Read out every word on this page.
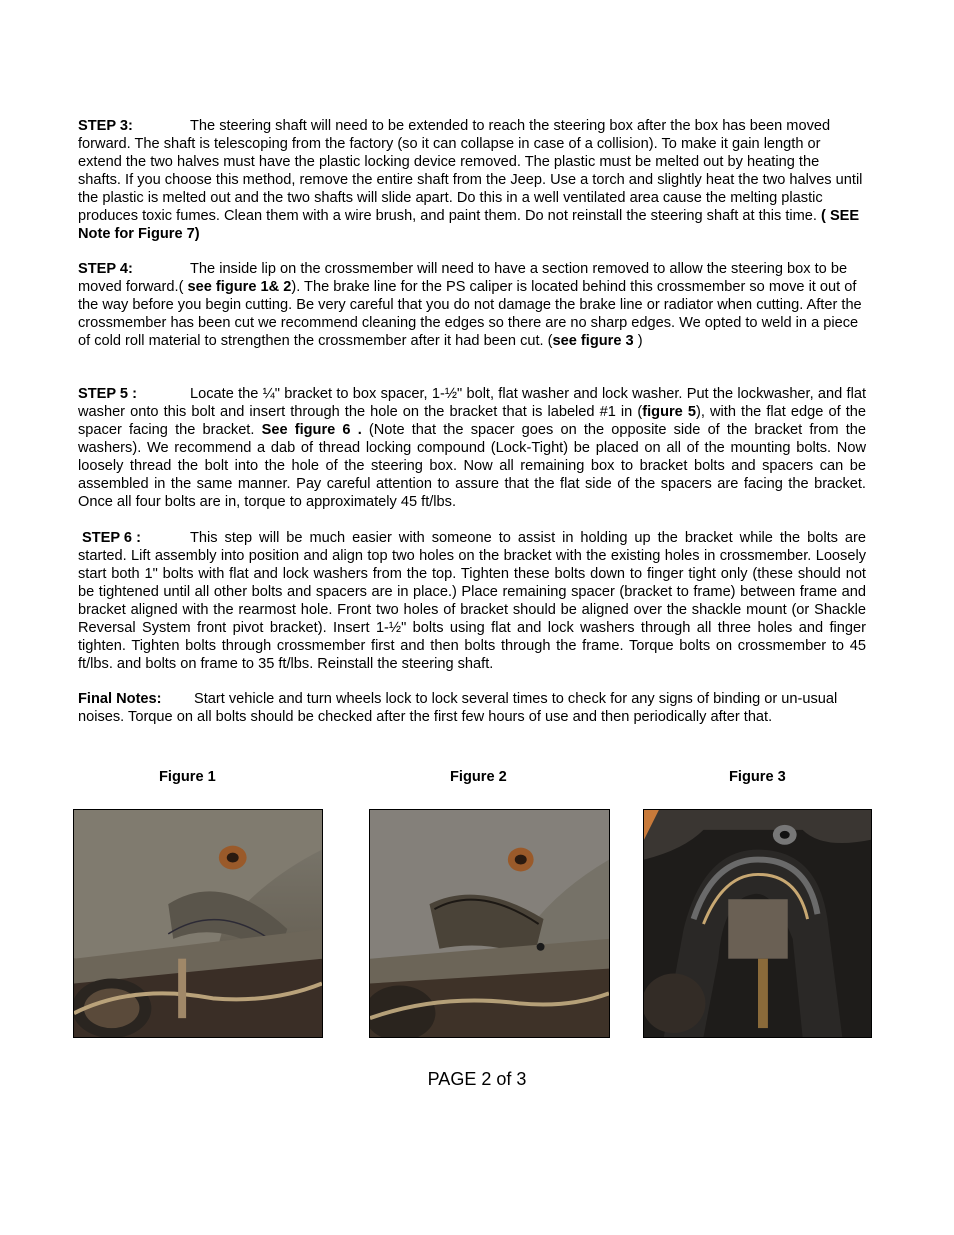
STEP 3:	The steering shaft will need to be extended to reach the steering box after the box has been moved forward. The shaft is telescoping from the factory (so it can collapse in case of a collision). To make it gain length or extend the two halves must have the plastic locking device removed. The plastic must be melted out by heating the shafts. If you choose this method, remove the entire shaft from the Jeep. Use a torch and slightly heat the two halves until the plastic is melted out and the two shafts will slide apart. Do this in a well ventilated area cause the melting plastic produces toxic fumes. Clean them with a wire brush, and paint them. Do not reinstall the steering shaft at this time. ( SEE Note for Figure 7)

STEP 4:	The inside lip on the crossmember will need to have a section removed to allow the steering box to be moved forward.( see figure 1& 2). The brake line for the PS caliper is located behind this crossmember so move it out of the way before you begin cutting. Be very careful that you do not damage the brake line or radiator when cutting. After the crossmember has been cut we recommend cleaning the edges so there are no sharp edges. We opted to weld in a piece of cold roll material to strengthen the crossmember after it had been cut. (see figure 3 )

STEP 5 :	Locate the ¼" bracket to box spacer, 1-½" bolt, flat washer and lock washer. Put the lockwasher, and flat washer onto this bolt and insert through the hole on the bracket that is labeled #1 in (figure 5), with the flat edge of the spacer facing the bracket. See figure 6 . (Note that the spacer goes on the opposite side of the bracket from the washers). We recommend a dab of thread locking compound (Lock-Tight) be placed on all of the mounting bolts. Now loosely thread the bolt into the hole of the steering box. Now all remaining box to bracket bolts and spacers can be assembled in the same manner. Pay careful attention to assure that the flat side of the spacers are facing the bracket. Once all four bolts are in, torque to approximately 45 ft/lbs.

STEP 6 :	This step will be much easier with someone to assist in holding up the bracket while the bolts are started. Lift assembly into position and align top two holes on the bracket with the existing holes in crossmember. Loosely start both 1" bolts with flat and lock washers from the top. Tighten these bolts down to finger tight only (these should not be tightened until all other bolts and spacers are in place.) Place remaining spacer (bracket to frame) between frame and bracket aligned with the rearmost hole. Front two holes of bracket should be aligned over the shackle mount (or Shackle Reversal System front pivot bracket). Insert 1-½" bolts using flat and lock washers through all three holes and finger tighten. Tighten bolts through crossmember first and then bolts through the frame. Torque bolts on crossmember to 45 ft/lbs. and bolts on frame to 35 ft/lbs. Reinstall the steering shaft.

Final Notes: Start vehicle and turn wheels lock to lock several times to check for any signs of binding or un-usual noises. Torque on all bolts should be checked after the first few hours of use and then periodically after that.

Figure 1	Figure 2	Figure 3
PAGE 2 of 3
